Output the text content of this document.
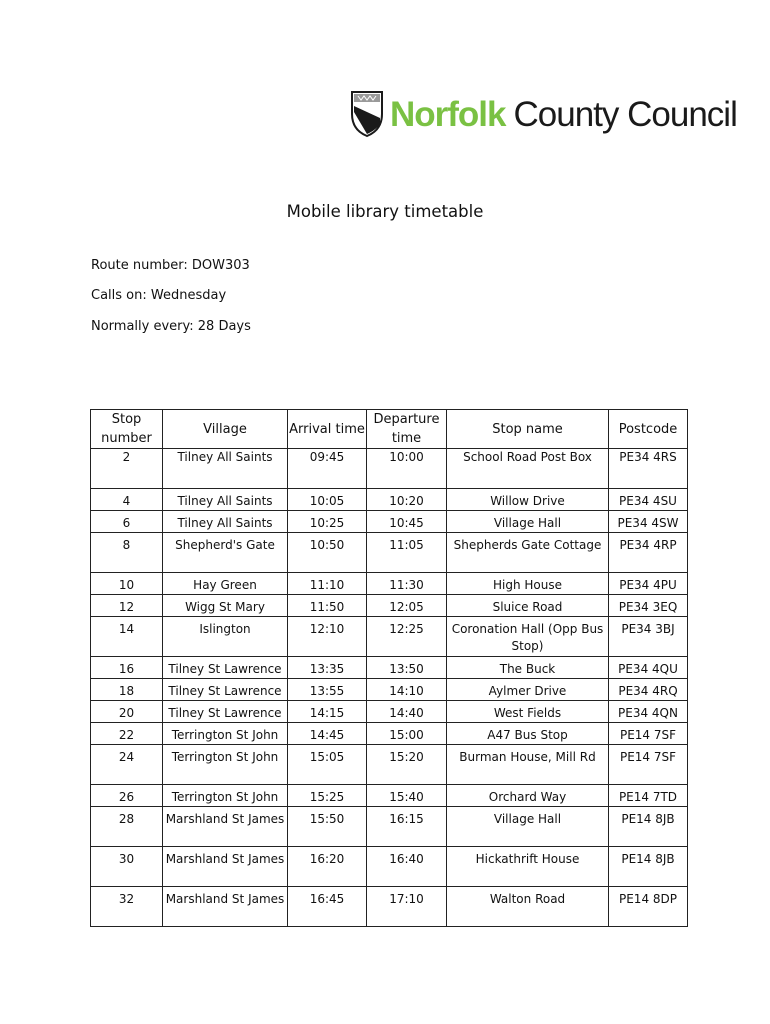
Norfolk County Council
Mobile library timetable
Route number: DOW303
Calls on: Wednesday
Normally every: 28 Days
Stop number	Village	Arrival time	Departure time	Stop name	Postcode
2	Tilney All Saints	09:45	10:00	School Road Post Box	PE34 4RS
4	Tilney All Saints	10:05	10:20	Willow Drive	PE34 4SU
6	Tilney All Saints	10:25	10:45	Village Hall	PE34 4SW
8	Shepherd's Gate	10:50	11:05	Shepherds Gate Cottage	PE34 4RP
10	Hay Green	11:10	11:30	High House	PE34 4PU
12	Wigg St Mary	11:50	12:05	Sluice Road	PE34 3EQ
14	Islington	12:10	12:25	Coronation Hall (Opp Bus Stop)	PE34 3BJ
16	Tilney St Lawrence	13:35	13:50	The Buck	PE34 4QU
18	Tilney St Lawrence	13:55	14:10	Aylmer Drive	PE34 4RQ
20	Tilney St Lawrence	14:15	14:40	West Fields	PE34 4QN
22	Terrington St John	14:45	15:00	A47 Bus Stop	PE14 7SF
24	Terrington St John	15:05	15:20	Burman House, Mill Rd	PE14 7SF
26	Terrington St John	15:25	15:40	Orchard Way	PE14 7TD
28	Marshland St James	15:50	16:15	Village Hall	PE14 8JB
30	Marshland St James	16:20	16:40	Hickathrift House	PE14 8JB
32	Marshland St James	16:45	17:10	Walton Road	PE14 8DP
